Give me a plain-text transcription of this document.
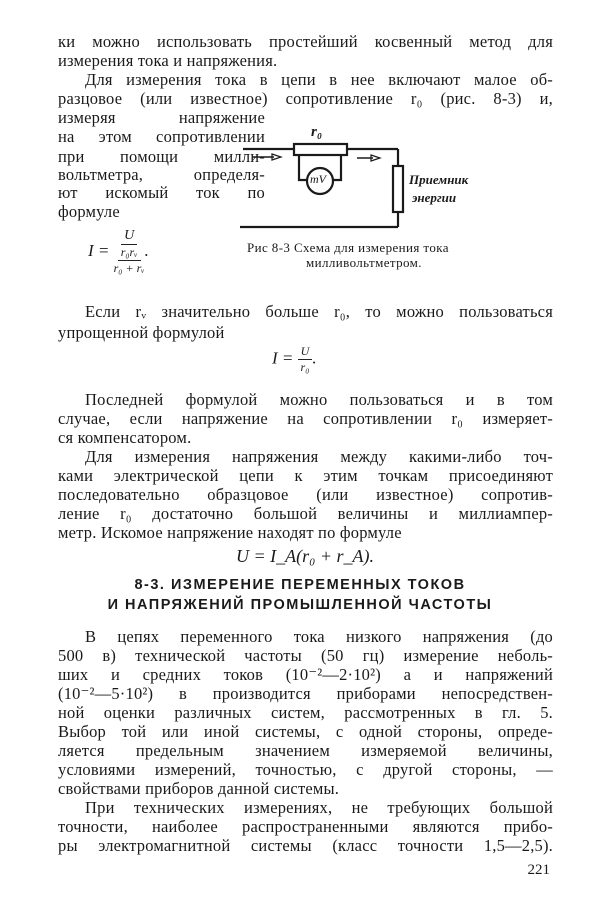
ки можно использовать простейший косвенный метод для
измерения тока и напряжения.
Для измерения тока в цепи в нее включают малое об-
разцовое (или известное) сопротивление r₀ (рис. 8-3) и,
измеряя напряжение
на этом сопротивлении
при помощи милли-
вольтметра, определя-
ют искомый ток по
формуле
$I = \frac{U}{\frac{\text{r₀rᵥ}}{\text{r₀ + rᵥ}}}$ .
r₀
mV	Приемник
энергии
Рис 8-3 Схема для измерения тока
милливольтметром.
Если rᵥ значительно больше r₀, то можно пользоваться
упрощенной формулой
$I = \frac{U}{\text{r₀}}$ .
Последней формулой можно пользоваться и в том
случае, если напряжение на сопротивлении r₀ измеряет-
ся компенсатором.
Для измерения напряжения между какими-либо точ-
ками электрической цепи к этим точкам присоединяют
последовательно образцовое (или известное) сопротив-
ление r₀ достаточно большой величины и миллиампер-
метр. Искомое напряжение находят по формуле
U = I_A(r₀ + r_A).
8-3. ИЗМЕРЕНИЕ ПЕРЕМЕННЫХ ТОКОВ
И НАПРЯЖЕНИЙ ПРОМЫШЛЕННОЙ ЧАСТОТЫ
В цепях переменного тока низкого напряжения (до
500 в) технической частоты (50 гц) измерение неболь-
ших и средних токов (10⁻²—2·10²) а и напряжений
(10⁻²—5·10²) в производится приборами непосредствен-
ной оценки различных систем, рассмотренных в гл. 5.
Выбор той или иной системы, с одной стороны, опреде-
ляется предельным значением измеряемой величины,
условиями измерений, точностью, с другой стороны, —
свойствами приборов данной системы.
При технических измерениях, не требующих большой
точности, наиболее распространенными являются прибо-
ры электромагнитной системы (класс точности 1,5—2,5).
221
